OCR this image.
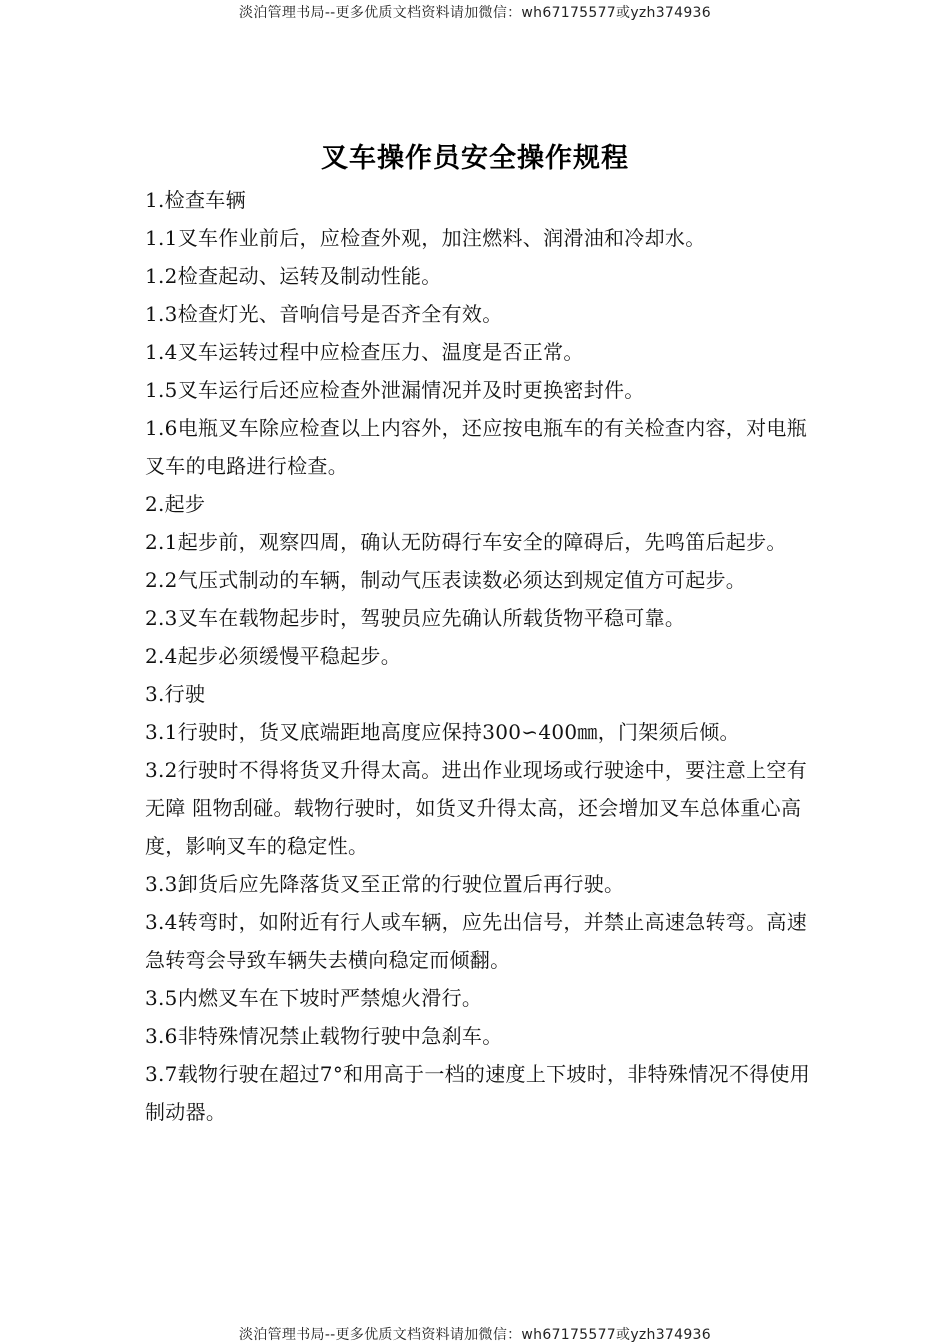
淡泊管理书局--更多优质文档资料请加微信：wh67175577或yzh374936
叉车操作员安全操作规程

1.检查车辆

1.1叉车作业前后，应检查外观，加注燃料、润滑油和冷却水。

1.2检查起动、运转及制动性能。

1.3检查灯光、音响信号是否齐全有效。

1.4叉车运转过程中应检查压力、温度是否正常。

1.5叉车运行后还应检查外泄漏情况并及时更换密封件。

1.6电瓶叉车除应检查以上内容外，还应按电瓶车的有关检查内容，对电瓶叉车的电路进行检查。

2.起步

2.1起步前，观察四周，确认无防碍行车安全的障碍后，先鸣笛后起步。

2.2气压式制动的车辆，制动气压表读数必须达到规定值方可起步。

2.3叉车在载物起步时，驾驶员应先确认所载货物平稳可靠。

2.4起步必须缓慢平稳起步。

3.行驶

3.1行驶时，货叉底端距地高度应保持300∽400㎜，门架须后倾。

3.2行驶时不得将货叉升得太高。进出作业现场或行驶途中，要注意上空有无障 阻物刮碰。载物行驶时，如货叉升得太高，还会增加叉车总体重心高度，影响叉车的稳定性。

3.3卸货后应先降落货叉至正常的行驶位置后再行驶。

3.4转弯时，如附近有行人或车辆，应先出信号，并禁止高速急转弯。高速急转弯会导致车辆失去横向稳定而倾翻。

3.5内燃叉车在下坡时严禁熄火滑行。

3.6非特殊情况禁止载物行驶中急刹车。

3.7载物行驶在超过7°和用高于一档的速度上下坡时，非特殊情况不得使用制动器。

淡泊管理书局--更多优质文档资料请加微信：wh67175577或yzh374936
